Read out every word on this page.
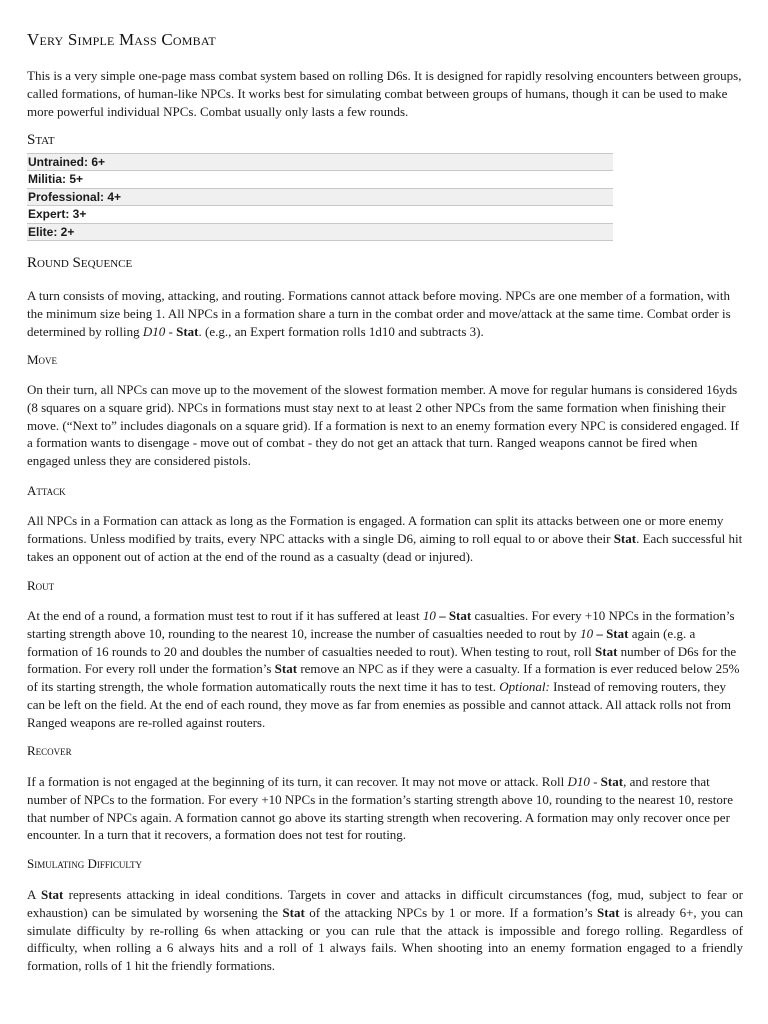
Very Simple Mass Combat

This is a very simple one-page mass combat system based on rolling D6s. It is designed for rapidly resolving encounters between groups, called formations, of human-like NPCs. It works best for simulating combat between groups of humans, though it can be used to make more powerful individual NPCs. Combat usually only lasts a few rounds.

Stat
Untrained: 6+
Militia: 5+
Professional: 4+
Expert: 3+
Elite: 2+
Round Sequence

A turn consists of moving, attacking, and routing. Formations cannot attack before moving. NPCs are one member of a formation, with the minimum size being 1. All NPCs in a formation share a turn in the combat order and move/attack at the same time. Combat order is determined by rolling D10 - Stat. (e.g., an Expert formation rolls 1d10 and subtracts 3).

Move

On their turn, all NPCs can move up to the movement of the slowest formation member. A move for regular humans is considered 16yds (8 squares on a square grid). NPCs in formations must stay next to at least 2 other NPCs from the same formation when finishing their move. (“Next to” includes diagonals on a square grid). If a formation is next to an enemy formation every NPC is considered engaged. If a formation wants to disengage - move out of combat - they do not get an attack that turn. Ranged weapons cannot be fired when engaged unless they are considered pistols.

Attack

All NPCs in a Formation can attack as long as the Formation is engaged. A formation can split its attacks between one or more enemy formations. Unless modified by traits, every NPC attacks with a single D6, aiming to roll equal to or above their Stat. Each successful hit takes an opponent out of action at the end of the round as a casualty (dead or injured).

Rout

At the end of a round, a formation must test to rout if it has suffered at least 10 – Stat casualties. For every +10 NPCs in the formation’s starting strength above 10, rounding to the nearest 10, increase the number of casualties needed to rout by 10 – Stat again (e.g. a formation of 16 rounds to 20 and doubles the number of casualties needed to rout). When testing to rout, roll Stat number of D6s for the formation. For every roll under the formation’s Stat remove an NPC as if they were a casualty. If a formation is ever reduced below 25% of its starting strength, the whole formation automatically routs the next time it has to test. Optional: Instead of removing routers, they can be left on the field. At the end of each round, they move as far from enemies as possible and cannot attack. All attack rolls not from Ranged weapons are re-rolled against routers.

Recover

If a formation is not engaged at the beginning of its turn, it can recover. It may not move or attack. Roll D10 - Stat, and restore that number of NPCs to the formation. For every +10 NPCs in the formation’s starting strength above 10, rounding to the nearest 10, restore that number of NPCs again. A formation cannot go above its starting strength when recovering. A formation may only recover once per encounter. In a turn that it recovers, a formation does not test for routing.

Simulating Difficulty

A Stat represents attacking in ideal conditions. Targets in cover and attacks in difficult circumstances (fog, mud, subject to fear or exhaustion) can be simulated by worsening the Stat of the attacking NPCs by 1 or more. If a formation’s Stat is already 6+, you can simulate difficulty by re-rolling 6s when attacking or you can rule that the attack is impossible and forego rolling. Regardless of difficulty, when rolling a 6 always hits and a roll of 1 always fails. When shooting into an enemy formation engaged to a friendly formation, rolls of 1 hit the friendly formations.
